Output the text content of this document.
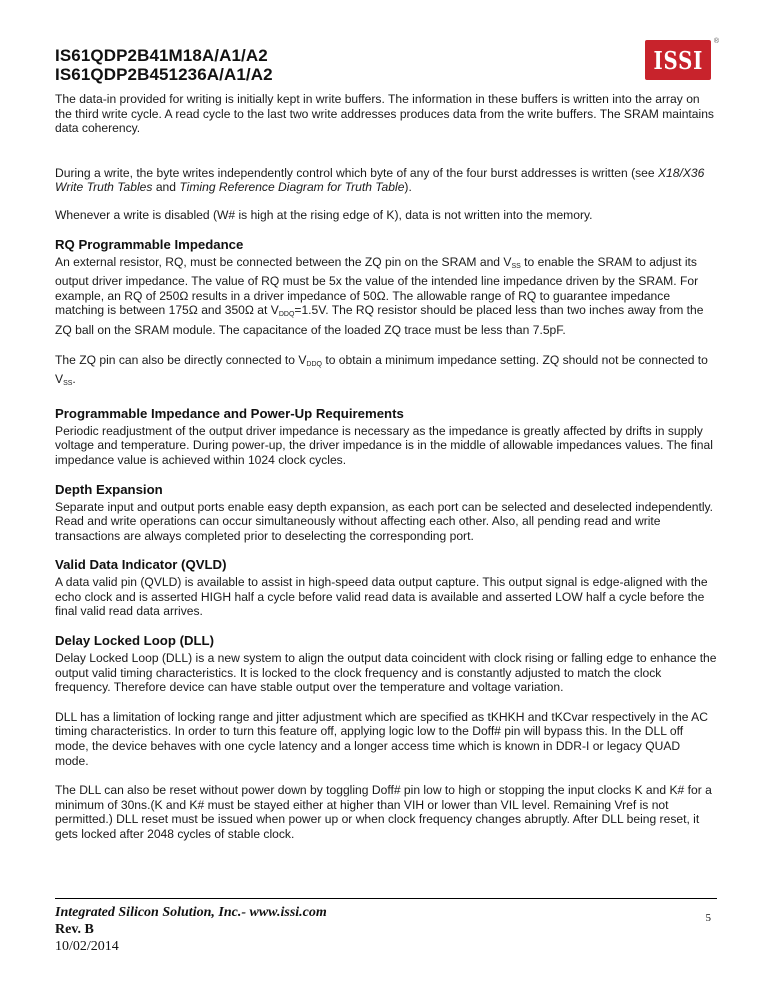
IS61QDP2B41M18A/A1/A2
IS61QDP2B451236A/A1/A2	ISSI
®

The data-in provided for writing is initially kept in write buffers. The information in these buffers is written into the array on the third write cycle. A read cycle to the last two write addresses produces data from the write buffers. The SRAM maintains data coherency.

During a write, the byte writes independently control which byte of any of the four burst addresses is written (see X18/X36 Write Truth Tables and Timing Reference Diagram for Truth Table).

Whenever a write is disabled (W# is high at the rising edge of K), data is not written into the memory.

RQ Programmable Impedance

An external resistor, RQ, must be connected between the ZQ pin on the SRAM and $V_{SS}$ to enable the SRAM to adjust its output driver impedance. The value of RQ must be 5x the value of the intended line impedance driven by the SRAM. For example, an RQ of 250Ω results in a driver impedance of 50Ω. The allowable range of RQ to guarantee impedance matching is between 175Ω and 350Ω at $V_{DDQ}=1.5V$. The RQ resistor should be placed less than two inches away from the ZQ ball on the SRAM module. The capacitance of the loaded ZQ trace must be less than 7.5pF.

The ZQ pin can also be directly connected to $V_{DDQ}$ to obtain a minimum impedance setting. ZQ should not be connected to $V_{SS}$.

Programmable Impedance and Power-Up Requirements

Periodic readjustment of the output driver impedance is necessary as the impedance is greatly affected by drifts in supply voltage and temperature. During power-up, the driver impedance is in the middle of allowable impedances values. The final impedance value is achieved within 1024 clock cycles.

Depth Expansion

Separate input and output ports enable easy depth expansion, as each port can be selected and deselected independently. Read and write operations can occur simultaneously without affecting each other. Also, all pending read and write transactions are always completed prior to deselecting the corresponding port.

Valid Data Indicator (QVLD)

A data valid pin (QVLD) is available to assist in high-speed data output capture. This output signal is edge-aligned with the echo clock and is asserted HIGH half a cycle before valid read data is available and asserted LOW half a cycle before the final valid read data arrives.

Delay Locked Loop (DLL)

Delay Locked Loop (DLL) is a new system to align the output data coincident with clock rising or falling edge to enhance the output valid timing characteristics. It is locked to the clock frequency and is constantly adjusted to match the clock frequency. Therefore device can have stable output over the temperature and voltage variation.

DLL has a limitation of locking range and jitter adjustment which are specified as tKHKH and tKCvar respectively in the AC timing characteristics. In order to turn this feature off, applying logic low to the Doff# pin will bypass this. In the DLL off mode, the device behaves with one cycle latency and a longer access time which is known in DDR-I or legacy QUAD mode.

The DLL can also be reset without power down by toggling Doff# pin low to high or stopping the input clocks K and K# for a minimum of 30ns.(K and K# must be stayed either at higher than VIH or lower than VIL level. Remaining Vref is not permitted.) DLL reset must be issued when power up or when clock frequency changes abruptly. After DLL being reset, it gets locked after 2048 cycles of stable clock.

Integrated Silicon Solution, Inc.- www.issi.com
Rev. B
10/02/2014
5
